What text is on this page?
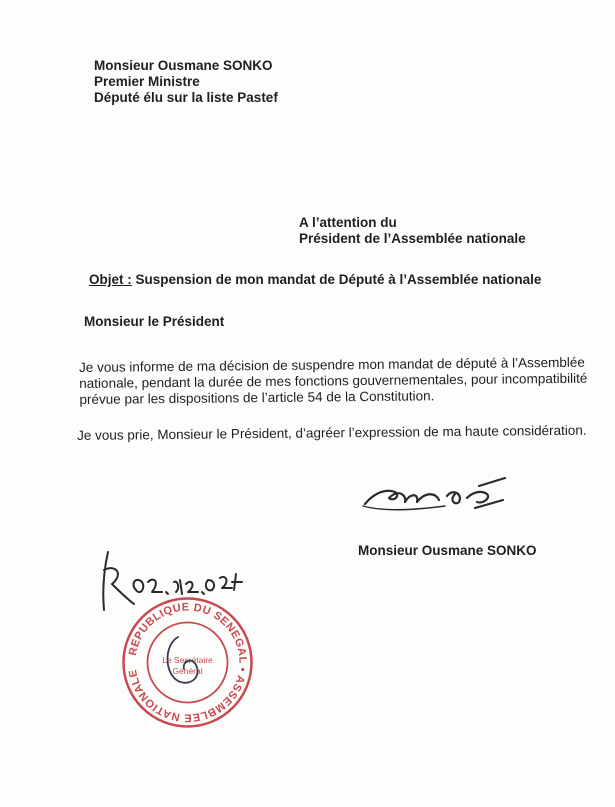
Monsieur Ousmane SONKO
Premier Ministre
Député élu sur la liste Pastef
A l’attention du
Président de l’Assemblée nationale
Objet : Suspension de mon mandat de Député à l’Assemblée nationale
Monsieur le Président
Je vous informe de ma décision de suspendre mon mandat de député à l’Assemblée
nationale, pendant la durée de mes fonctions gouvernementales, pour incompatibilité
prévue par les dispositions de l’article 54 de la Constitution.
Je vous prie, Monsieur le Président, d’agréer l’expression de ma haute considération.
Monsieur Ousmane SONKO
REPUBLIQUE DU SENEGAL • ASSEMBLEE NATIONALE
Le Secrétaire
Général
